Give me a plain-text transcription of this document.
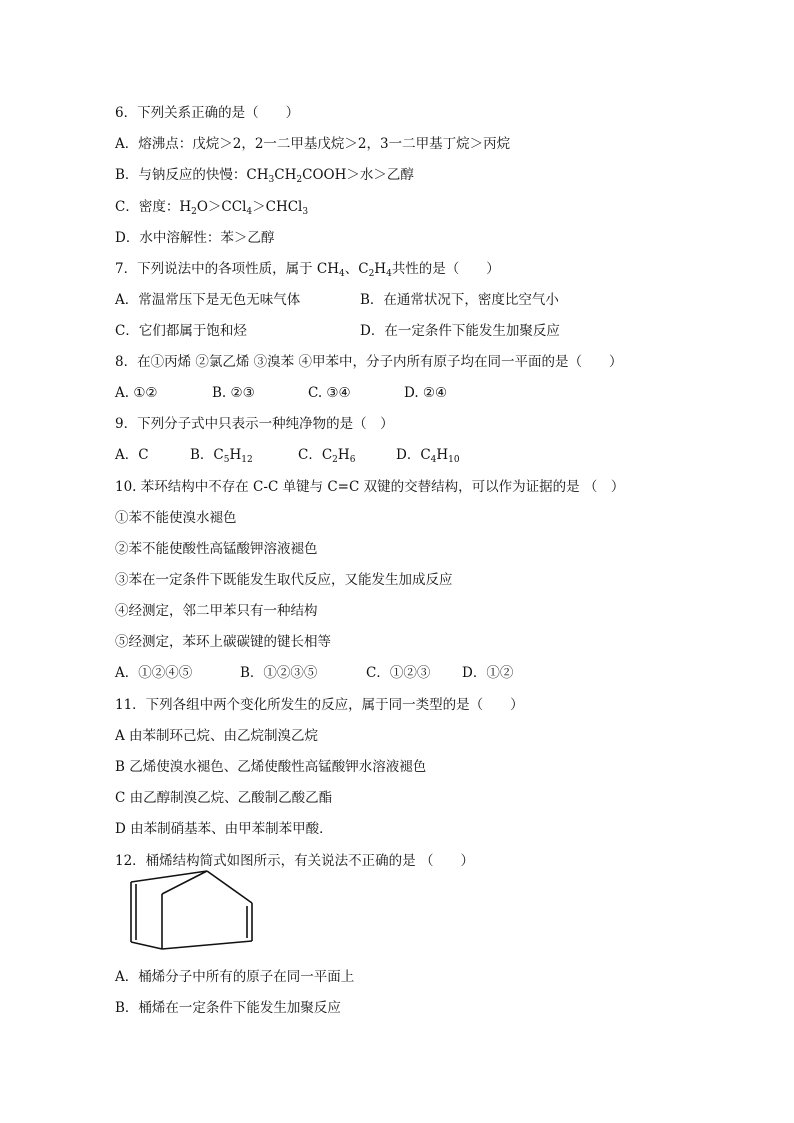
6．下列关系正确的是（　　）
A．熔沸点：戊烷＞2，2一二甲基戊烷＞2，3一二甲基丁烷＞丙烷
B．与钠反应的快慢：$CH_3CH_2COOH>$水＞乙醇
C．密度：$H_2O>CCl_4>CHCl_3$
D．水中溶解性：苯＞乙醇
7．下列说法中的各项性质，属于 $CH_4$、$C_2H_4$共性的是（　　）
A．常温常压下是无色无味气体	B．在通常状况下，密度比空气小
C．它们都属于饱和烃	D．在一定条件下能发生加聚反应
8．在①丙烯 ②氯乙烯 ③溴苯 ④甲苯中，分子内所有原子均在同一平面的是（　　）
A. ①②	B. ②③	C. ③④	D. ②④
9．下列分子式中只表示一种纯净物的是（　）
A．C	B．$C_5H_{12}$	C．$C_2H_6$	D．$C_4H_{10}$
10. 苯环结构中不存在 C-C 单键与 C=C 双键的交替结构，可以作为证据的是 （　）
①苯不能使溴水褪色
②苯不能使酸性高锰酸钾溶液褪色
③苯在一定条件下既能发生取代反应，又能发生加成反应
④经测定，邻二甲苯只有一种结构
⑤经测定，苯环上碳碳键的键长相等
A．①②④⑤	B．①②③⑤	C．①②③ D．①②
11．下列各组中两个变化所发生的反应，属于同一类型的是（　　）
A 由苯制环己烷、由乙烷制溴乙烷
B 乙烯使溴水褪色、乙烯使酸性高锰酸钾水溶液褪色
C 由乙醇制溴乙烷、乙酸制乙酸乙酯
D 由苯制硝基苯、由甲苯制苯甲酸．
12．桶烯结构简式如图所示，有关说法不正确的是 （　　）
A．桶烯分子中所有的原子在同一平面上
B．桶烯在一定条件下能发生加聚反应
